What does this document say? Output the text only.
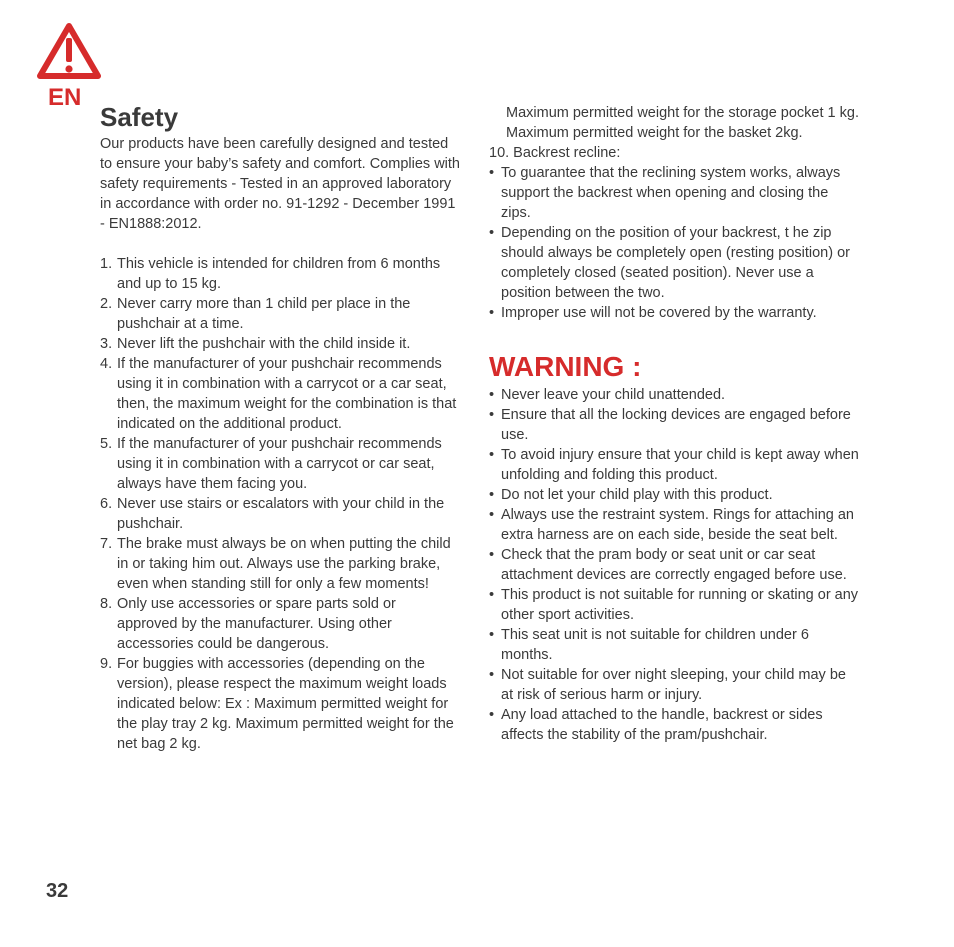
EN
Safety

Our products have been carefully designed and tested to ensure your baby’s safety and comfort. Complies with safety requirements - Tested in an approved laboratory in accordance with order no. 91-1292 - December 1991 - EN1888:2012.

1. This vehicle is intended for children from 6 months and up to 15 kg.
2. Never carry more than 1 child per place in the pushchair at a time.
3. Never lift the pushchair with the child inside it.
4. If the manufacturer of your pushchair recommends using it in combination with a carrycot or a car seat, then, the maximum weight for the combination is that indicated on the additional product.
5. If the manufacturer of your pushchair recommends using it in combination with a carrycot or car seat, always have them facing you.
6. Never use stairs or escalators with your child in the pushchair.
7. The brake must always be on when putting the child in or taking him out. Always use the parking brake, even when standing still for only a few moments!
8. Only use accessories or spare parts sold or approved by the manufacturer. Using other accessories could be dangerous.
9. For buggies with accessories (depending on the version), please respect the maximum weight loads indicated below: Ex : Maximum permitted weight for the play tray 2 kg. Maximum permitted weight for the net bag 2 kg.

Maximum permitted weight for the storage pocket 1 kg. Maximum permitted weight for the basket 2kg.

10. Backrest recline:

• To guarantee that the reclining system works, always support the backrest when opening and closing the zips.
• Depending on the position of your backrest, t he zip should always be completely open (resting position) or completely closed (seated position). Never use a position between the two.
• Improper use will not be covered by the warranty.
WARNING :
• Never leave your child unattended.
• Ensure that all the locking devices are engaged before use.
• To avoid injury ensure that your child is kept away when unfolding and folding this product.
• Do not let your child play with this product.
• Always use the restraint system. Rings for attaching an extra harness are on each side, beside the seat belt.
• Check that the pram body or seat unit or car seat attachment devices are correctly engaged before use.
• This product is not suitable for running or skating or any other sport activities.
• This seat unit is not suitable for children under 6 months.
• Not suitable for over night sleeping, your child may be at risk of serious harm or injury.
• Any load attached to the handle, backrest or sides affects the stability of the pram/pushchair.
32
